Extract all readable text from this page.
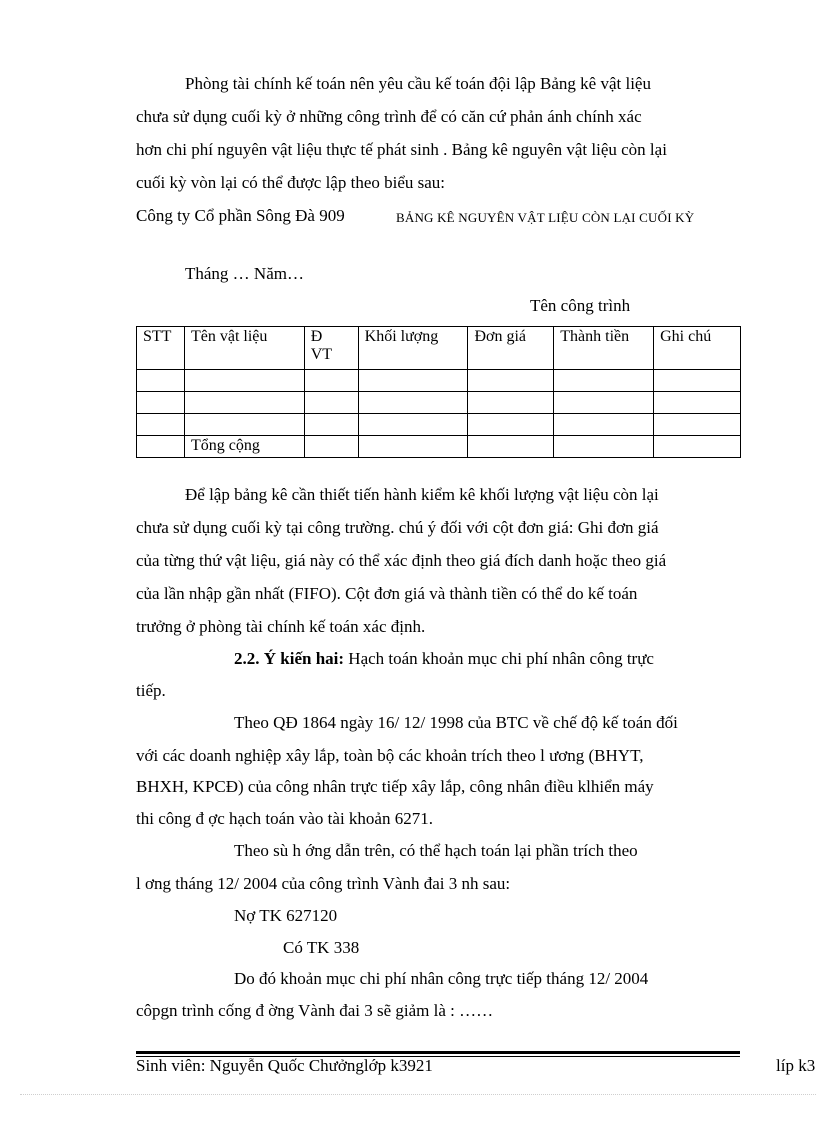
Phòng tài chính kế toán nên yêu cầu kế toán đội lập Bảng kê vật liệu
chưa sử dụng cuối kỳ ở những công trình để có căn cứ phản ánh chính xác
hơn chi phí nguyên vật liệu thực tế phát sinh . Bảng kê nguyên vật liệu còn lại
cuối kỳ vòn lại có thể được lập theo biểu sau:
Công ty Cổ phần Sông Đà 909	BẢNG KÊ NGUYÊN VẬT LIỆU CÒN LẠI CUỐI KỲ
Tháng … Năm…
Tên công trình
STT	Tên vật liệu	ĐVT	Khối lượng	Đơn giá	Thành tiền	Ghi chú

	Tổng cộng					
Để lập bảng kê cần thiết tiến hành kiểm kê khối lượng vật liệu còn lại
chưa sử dụng cuối kỳ tại công trường. chú ý đối với cột đơn giá: Ghi đơn giá
của từng thứ vật liệu, giá này có thể xác định theo giá đích danh hoặc theo giá
của lần nhập gần nhất (FIFO). Cột đơn giá và thành tiền có thể do kế toán
trưởng ở phòng tài chính kế toán xác định.
2.2. Ý kiến hai: Hạch toán khoản mục chi phí nhân công trực
tiếp.
Theo QĐ 1864 ngày 16/ 12/ 1998 của BTC về chế độ kế toán đối
với các doanh nghiệp xây lắp, toàn bộ các khoản trích theo l ương (BHYT,
BHXH, KPCĐ) của công nhân trực tiếp xây lắp, công nhân điều klhiển máy
thi công đ ợc hạch toán vào tài khoản 6271.
Theo sù h ớng dẫn trên, có thể hạch toán lại phần trích theo
l ơng tháng 12/ 2004 của công trình Vành đai 3 nh sau:
Nợ TK 627120
Có TK 338
Do đó khoản mục chi phí nhân công trực tiếp tháng 12/ 2004
côpgn trình cống đ ờng Vành đai 3 sẽ giảm là : ……
Sinh viên: Nguyễn Quốc Chưởnglớp k3921	líp k3
